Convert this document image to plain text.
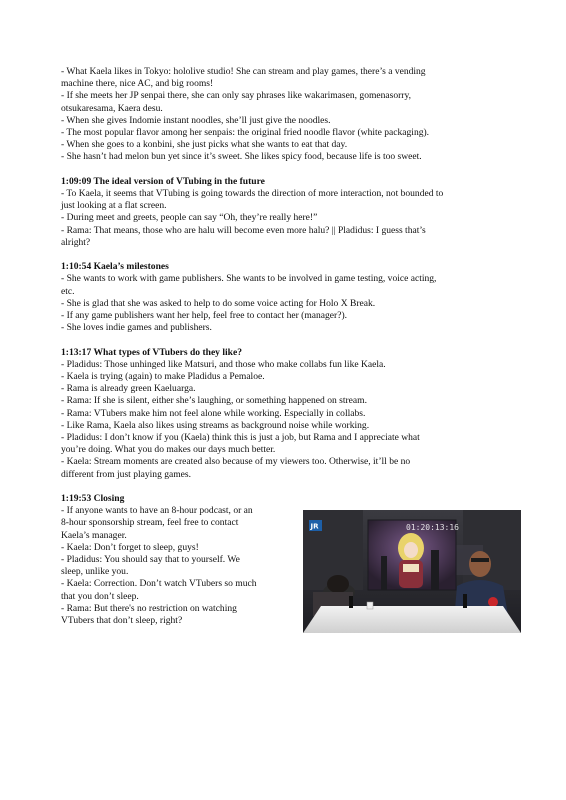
- What Kaela likes in Tokyo: hololive studio! She can stream and play games, there’s a vending
machine there, nice AC, and big rooms!
- If she meets her JP senpai there, she can only say phrases like wakarimasen, gomenasorry,
otsukaresama, Kaera desu.
- When she gives Indomie instant noodles, she’ll just give the noodles.
- The most popular flavor among her senpais: the original fried noodle flavor (white packaging).
- When she goes to a konbini, she just picks what she wants to eat that day.
- She hasn’t had melon bun yet since it’s sweet. She likes spicy food, because life is too sweet.
1:09:09 The ideal version of VTubing in the future
- To Kaela, it seems that VTubing is going towards the direction of more interaction, not bounded to
just looking at a flat screen.
- During meet and greets, people can say “Oh, they’re really here!”
- Rama: That means, those who are halu will become even more halu? || Pladidus: I guess that’s
alright?
1:10:54 Kaela’s milestones
- She wants to work with game publishers. She wants to be involved in game testing, voice acting,
etc.
- She is glad that she was asked to help to do some voice acting for Holo X Break.
- If any game publishers want her help, feel free to contact her (manager?).
- She loves indie games and publishers.
1:13:17 What types of VTubers do they like?
- Pladidus: Those unhinged like Matsuri, and those who make collabs fun like Kaela.
- Kaela is trying (again) to make Pladidus a Pemaloe.
- Rama is already green Kaeluarga.
- Rama: If she is silent, either she’s laughing, or something happened on stream.
- Rama: VTubers make him not feel alone while working. Especially in collabs.
- Like Rama, Kaela also likes using streams as background noise while working.
- Pladidus: I don’t know if you (Kaela) think this is just a job, but Rama and I appreciate what
you’re doing. What you do makes our days much better.
- Kaela: Stream moments are created also because of my viewers too. Otherwise, it’ll be no
different from just playing games.
1:19:53 Closing
- If anyone wants to have an 8-hour podcast, or an
8-hour sponsorship stream, feel free to contact
Kaela’s manager.
- Kaela: Don’t forget to sleep, guys!
- Pladidus: You should say that to yourself. We
sleep, unlike you.
- Kaela: Correction. Don’t watch VTubers so much
that you don’t sleep.
- Rama: But there's no restriction on watching
VTubers that don’t sleep, right?
01:20:13:16
JR
